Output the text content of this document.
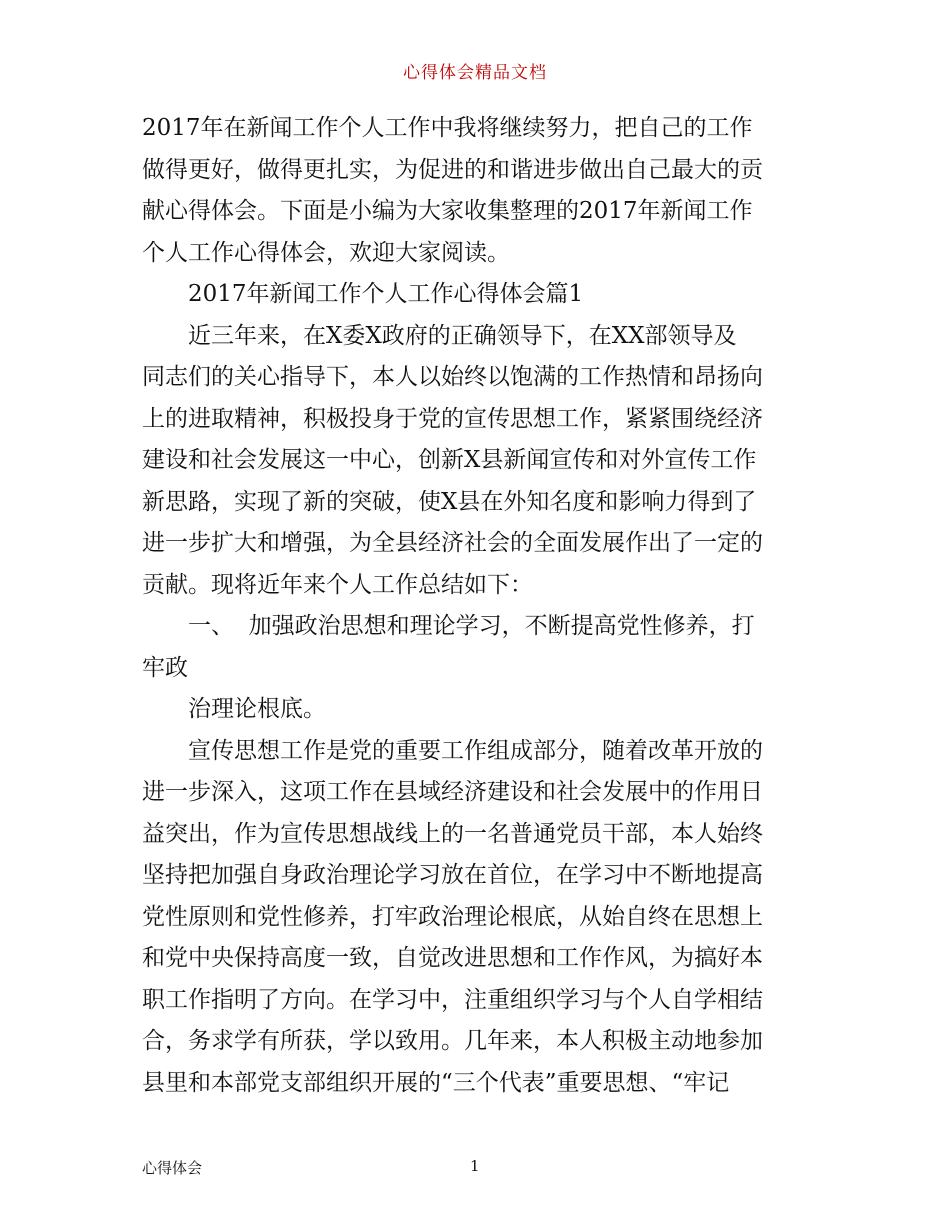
心得体会精品文档
2017年在新闻工作个人工作中我将继续努力，把自己的工作
做得更好，做得更扎实，为促进的和谐进步做出自己最大的贡
献心得体会。下面是小编为大家收集整理的2017年新闻工作
个人工作心得体会，欢迎大家阅读。
2017年新闻工作个人工作心得体会篇1
近三年来，在X委X政府的正确领导下，在XX部领导及
同志们的关心指导下，本人以始终以饱满的工作热情和昂扬向
上的进取精神，积极投身于党的宣传思想工作，紧紧围绕经济
建设和社会发展这一中心，创新X县新闻宣传和对外宣传工作
新思路，实现了新的突破，使X县在外知名度和影响力得到了
进一步扩大和增强，为全县经济社会的全面发展作出了一定的
贡献。现将近年来个人工作总结如下：
一、  加强政治思想和理论学习，不断提高党性修养，打
牢政
治理论根底。
宣传思想工作是党的重要工作组成部分，随着改革开放的
进一步深入，这项工作在县域经济建设和社会发展中的作用日
益突出，作为宣传思想战线上的一名普通党员干部，本人始终
坚持把加强自身政治理论学习放在首位，在学习中不断地提高
党性原则和党性修养，打牢政治理论根底，从始自终在思想上
和党中央保持高度一致，自觉改进思想和工作作风，为搞好本
职工作指明了方向。在学习中，注重组织学习与个人自学相结
合，务求学有所获，学以致用。几年来，本人积极主动地参加
县里和本部党支部组织开展的“三个代表”重要思想、“牢记
心得体会	1
